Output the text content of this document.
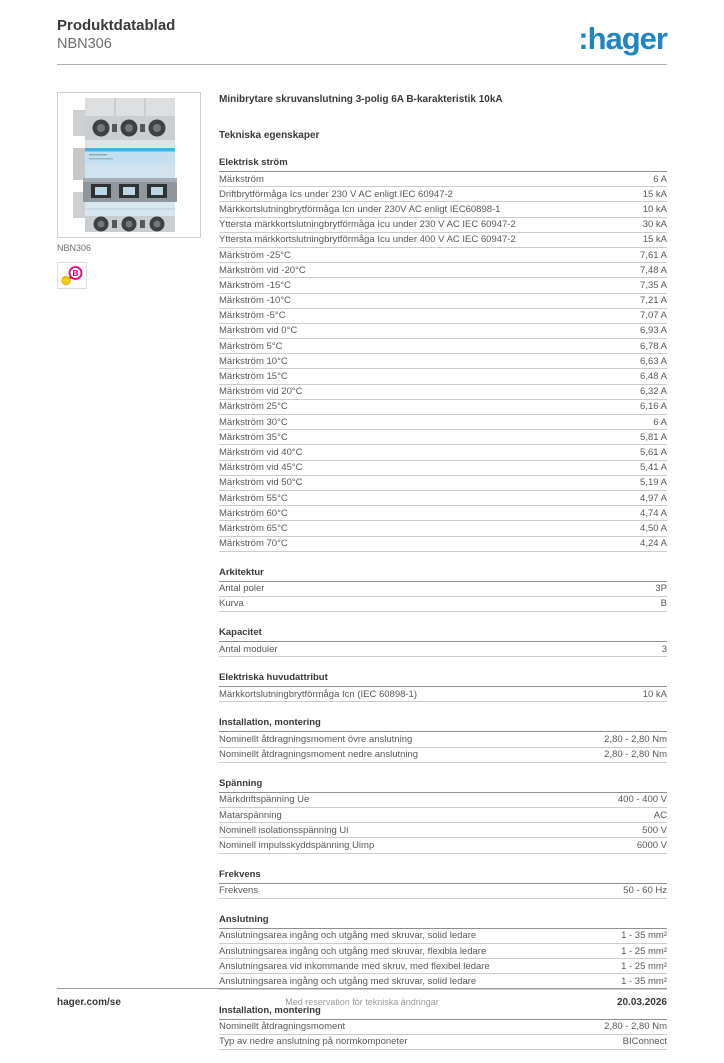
Produktdatablad
NBN306	:hager
NBN306
B
Minibrytare skruvanslutning 3-polig 6A B-karakteristik 10kA
Tekniska egenskaper
Elektrisk ström
Märkström	6 A
Driftbrytförmåga Ics under 230 V AC enligt IEC 60947-2	15 kA
Märkkortslutningbrytförmåga Icn under 230V AC enligt IEC60898-1	10 kA
Yttersta märkkortslutningbrytförmåga Icu under 230 V AC IEC 60947-2	30 kA
Yttersta märkkortslutningbrytförmåga Icu under 400 V AC IEC 60947-2	15 kA
Märkström -25°C	7,61 A
Märkström vid -20°C	7,48 A
Märkström -15°C	7,35 A
Märkström -10°C	7,21 A
Märkström -5°C	7,07 A
Märkström vid 0°C	6,93 A
Märkström 5°C	6,78 A
Märkström 10°C	6,63 A
Märkström 15°C	6,48 A
Märkström vid 20°C	6,32 A
Märkström 25°C	6,16 A
Märkström 30°C	6 A
Märkström 35°C	5,81 A
Märkström vid 40°C	5,61 A
Märkström vid 45°C	5,41 A
Märkström vid 50°C	5,19 A
Märkström 55°C	4,97 A
Märkström 60°C	4,74 A
Märkström 65°C	4,50 A
Märkström 70°C	4,24 A
Arkitektur
Antal poler	3P
Kurva	B
Kapacitet
Antal moduler	3
Elektriska huvudattribut
Märkkortslutningbrytförmåga Icn (IEC 60898-1)	10 kA
Installation, montering
Nominellt åtdragningsmoment övre anslutning	2,80 - 2,80 Nm
Nominellt åtdragningsmoment nedre anslutning	2,80 - 2,80 Nm
Spänning
Märkdriftspänning Ue	400 - 400 V
Matarspänning	AC
Nominell isolationsspänning Ui	500 V
Nominell impulsskyddspänning Uimp	6000 V
Frekvens
Frekvens	50 - 60 Hz
Anslutning
Anslutningsarea ingång och utgång med skruvar, solid ledare	1 - 35 mm²
Anslutningsarea ingång och utgång med skruvar, flexibla ledare	1 - 25 mm²
Anslutningsarea vid inkommande med skruv, med flexibel ledare	1 - 25 mm²
Anslutningsarea ingång och utgång med skruvar, solid ledare	1 - 35 mm²
Installation, montering
Nominellt åtdragningsmoment	2,80 - 2,80 Nm
Typ av nedre anslutning på normkomponeter	BIConnect
Med reservation för tekniska ändringar
hager.com/se	20.03.2026
